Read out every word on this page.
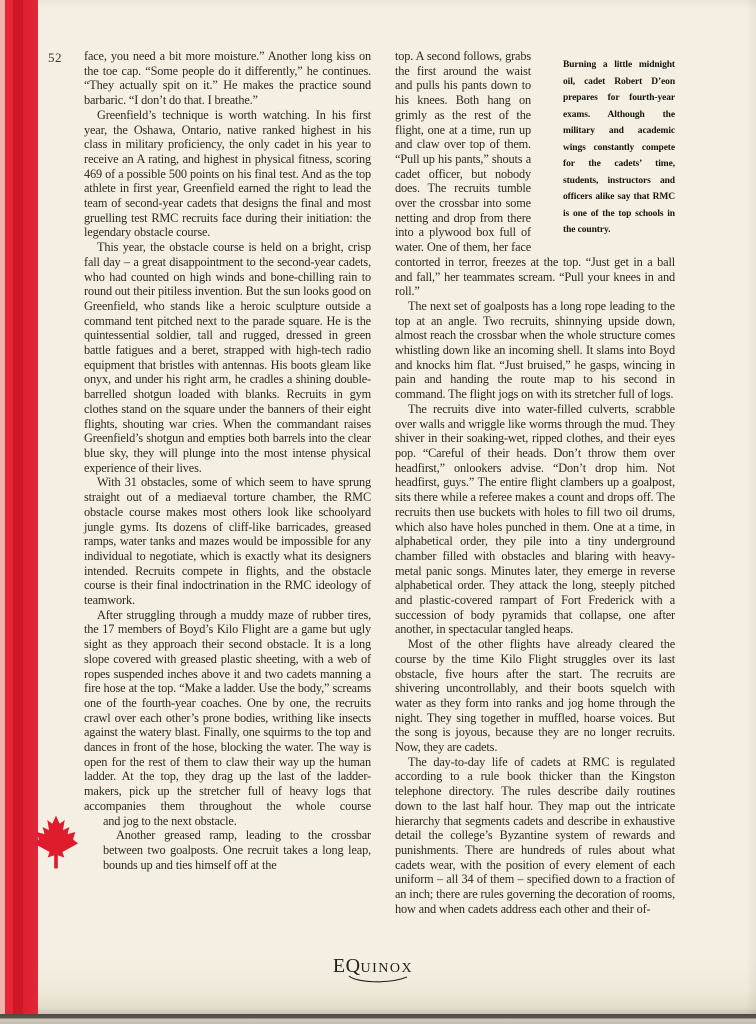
52 face, you need a bit more moisture.” Another long kiss on the toe cap. “Some people do it differently,” he continues. “They actually spit on it.” He makes the practice sound barbaric. “I don’t do that. I breathe.”

Greenfield’s technique is worth watching. In his first year, the Oshawa, Ontario, native ranked highest in his class in military proficiency, the only cadet in his year to receive an A rating, and highest in physical fitness, scoring 469 of a possible 500 points on his final test. And as the top athlete in first year, Greenfield earned the right to lead the team of second-year cadets that designs the final and most gruelling test RMC recruits face during their initiation: the legendary obstacle course.

This year, the obstacle course is held on a bright, crisp fall day – a great disappointment to the second-year cadets, who had counted on high winds and bone-chilling rain to round out their pitiless invention. But the sun looks good on Greenfield, who stands like a heroic sculpture outside a command tent pitched next to the parade square. He is the quintessential soldier, tall and rugged, dressed in green battle fatigues and a beret, strapped with high-tech radio equipment that bristles with antennas. His boots gleam like onyx, and under his right arm, he cradles a shining double-barrelled shotgun loaded with blanks. Recruits in gym clothes stand on the square under the banners of their eight flights, shouting war cries. When the commandant raises Greenfield’s shotgun and empties both barrels into the clear blue sky, they will plunge into the most intense physical experience of their lives.

With 31 obstacles, some of which seem to have sprung straight out of a mediaeval torture chamber, the RMC obstacle course makes most others look like schoolyard jungle gyms. Its dozens of cliff-like barricades, greased ramps, water tanks and mazes would be impossible for any individual to negotiate, which is exactly what its designers intended. Recruits compete in flights, and the obstacle course is their final indoctrination in the RMC ideology of teamwork.

After struggling through a muddy maze of rubber tires, the 17 members of Boyd’s Kilo Flight are a game but ugly sight as they approach their second obstacle. It is a long slope covered with greased plastic sheeting, with a web of ropes suspended inches above it and two cadets manning a fire hose at the top. “Make a ladder. Use the body,” screams one of the fourth-year coaches. One by one, the recruits crawl over each other’s prone bodies, writhing like insects against the watery blast. Finally, one squirms to the top and dances in front of the hose, blocking the water. The way is open for the rest of them to claw their way up the human ladder. At the top, they drag up the last of the ladder-makers, pick up the stretcher full of heavy logs that accompanies them throughout the whole course

and jog to the next obstacle.

Another greased ramp, leading to the crossbar between two goalposts. One recruit takes a long leap, bounds up and ties himself off at the

Burning a little midnight oil, cadet Robert D’eon prepares for fourth-year exams. Although the military and academic wings constantly compete for the cadets’ time, students, instructors and officers alike say that RMC is one of the top schools in the country.

top. A second follows, grabs the first around the waist and pulls his pants down to his knees. Both hang on grimly as the rest of the flight, one at a time, run up and claw over top of them. “Pull up his pants,” shouts a cadet officer, but nobody does. The recruits tumble over the crossbar into some netting and drop from there into a plywood box full of water. One of them, her face contorted in terror, freezes at the top. “Just get in a ball and fall,” her teammates scream. “Pull your knees in and roll.”

The next set of goalposts has a long rope leading to the top at an angle. Two recruits, shinnying upside down, almost reach the crossbar when the whole structure comes whistling down like an incoming shell. It slams into Boyd and knocks him flat. “Just bruised,” he gasps, wincing in pain and handing the route map to his second in command. The flight jogs on with its stretcher full of logs.

The recruits dive into water-filled culverts, scrabble over walls and wriggle like worms through the mud. They shiver in their soaking-wet, ripped clothes, and their eyes pop. “Careful of their heads. Don’t throw them over headfirst,” onlookers advise. “Don’t drop him. Not headfirst, guys.” The entire flight clambers up a goalpost, sits there while a referee makes a count and drops off. The recruits then use buckets with holes to fill two oil drums, which also have holes punched in them. One at a time, in alphabetical order, they pile into a tiny underground chamber filled with obstacles and blaring with heavy-metal panic songs. Minutes later, they emerge in reverse alphabetical order. They attack the long, steeply pitched and plastic-covered rampart of Fort Frederick with a succession of body pyramids that collapse, one after another, in spectacular tangled heaps.

Most of the other flights have already cleared the course by the time Kilo Flight struggles over its last obstacle, five hours after the start. The recruits are shivering uncontrollably, and their boots squelch with water as they form into ranks and jog home through the night. They sing together in muffled, hoarse voices. But the song is joyous, because they are no longer recruits. Now, they are cadets.

The day-to-day life of cadets at RMC is regulated according to a rule book thicker than the Kingston telephone directory. The rules describe daily routines down to the last half hour. They map out the intricate hierarchy that segments cadets and describe in exhaustive detail the college’s Byzantine system of rewards and punishments. There are hundreds of rules about what cadets wear, with the position of every element of each uniform – all 34 of them – specified down to a fraction of an inch; there are rules governing the decoration of rooms, how and when cadets address each other and their of-

EQUINOX
